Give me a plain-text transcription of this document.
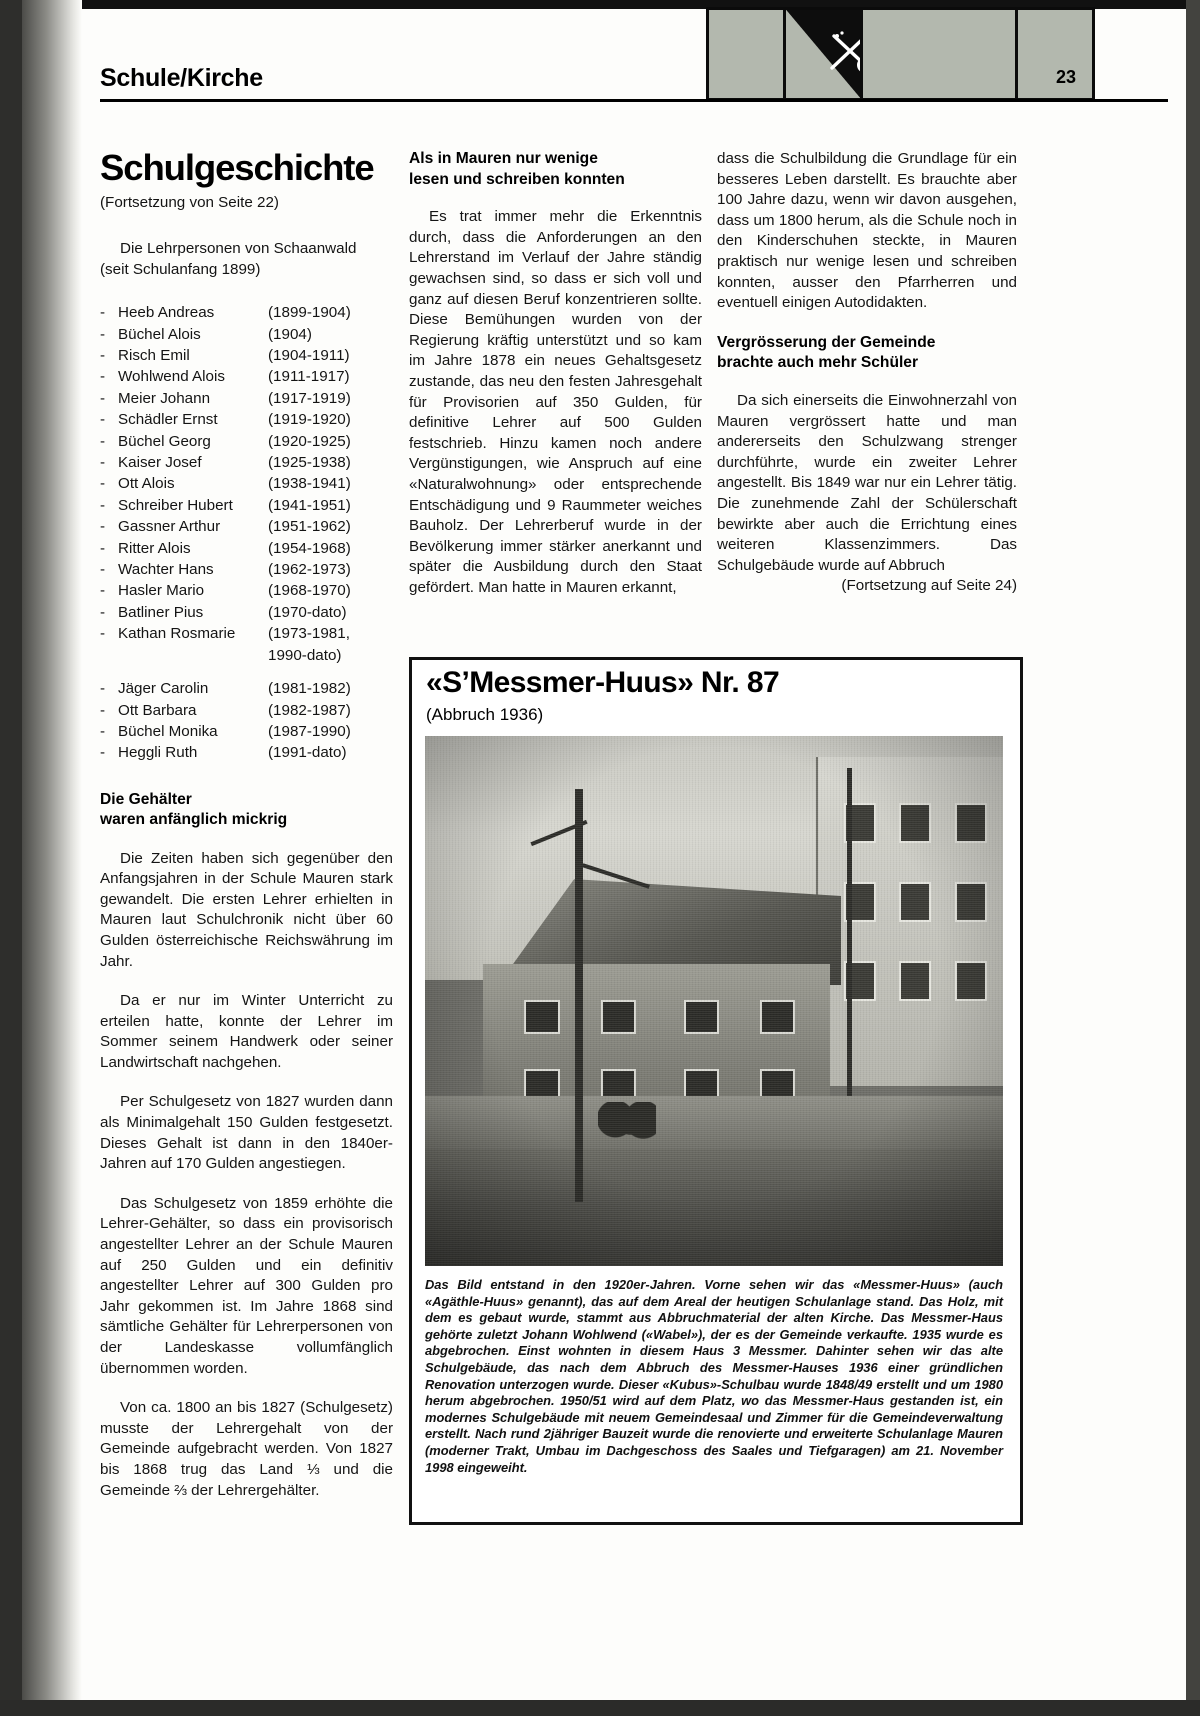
Schule/Kirche	23
Schulgeschichte
(Fortsetzung von Seite 22)
Die Lehrpersonen von Schaanwald
(seit Schulanfang 1899)
- Heeb Andreas	(1899-1904)
- Büchel Alois	(1904)
- Risch Emil	(1904-1911)
- Wohlwend Alois	(1911-1917)
- Meier Johann	(1917-1919)
- Schädler Ernst	(1919-1920)
- Büchel Georg	(1920-1925)
- Kaiser Josef	(1925-1938)
- Ott Alois	(1938-1941)
- Schreiber Hubert	(1941-1951)
- Gassner Arthur	(1951-1962)
- Ritter Alois	(1954-1968)
- Wachter Hans	(1962-1973)
- Hasler Mario	(1968-1970)
- Batliner Pius	(1970-dato)
- Kathan Rosmarie	(1973-1981,
1990-dato)
- Jäger Carolin	(1981-1982)
- Ott Barbara	(1982-1987)
- Büchel Monika	(1987-1990)
- Heggli Ruth	(1991-dato)
Die Gehälter
waren anfänglich mickrig

Die Zeiten haben sich gegenüber den Anfangsjahren in der Schule Mauren stark gewandelt. Die ersten Lehrer erhielten in Mauren laut Schulchronik nicht über 60 Gulden österreichische Reichswährung im Jahr.

Da er nur im Winter Unterricht zu erteilen hatte, konnte der Lehrer im Sommer seinem Handwerk oder seiner Landwirtschaft nachgehen.

Per Schulgesetz von 1827 wurden dann als Minimalgehalt 150 Gulden festgesetzt. Dieses Gehalt ist dann in den 1840er-Jahren auf 170 Gulden angestiegen.

Das Schulgesetz von 1859 erhöhte die Lehrer-Gehälter, so dass ein provisorisch angestellter Lehrer an der Schule Mauren auf 250 Gulden und ein definitiv angestellter Lehrer auf 300 Gulden pro Jahr gekommen ist. Im Jahre 1868 sind sämtliche Gehälter für Lehrerpersonen von der Landeskasse vollumfänglich übernommen worden.

Von ca. 1800 an bis 1827 (Schulgesetz) musste der Lehrergehalt von der Gemeinde aufgebracht werden. Von 1827 bis 1868 trug das Land ⅓ und die Gemeinde ⅔ der Lehrergehälter.

Als in Mauren nur wenige
lesen und schreiben konnten

Es trat immer mehr die Erkenntnis durch, dass die Anforderungen an den Lehrerstand im Verlauf der Jahre ständig gewachsen sind, so dass er sich voll und ganz auf diesen Beruf konzentrieren sollte. Diese Bemühungen wurden von der Regierung kräftig unterstützt und so kam im Jahre 1878 ein neues Gehaltsgesetz zustande, das neu den festen Jahresgehalt für Provisorien auf 350 Gulden, für definitive Lehrer auf 500 Gulden festschrieb. Hinzu kamen noch andere Vergünstigungen, wie Anspruch auf eine «Naturalwohnung» oder entsprechende Entschädigung und 9 Raummeter weiches Bauholz. Der Lehrerberuf wurde in der Bevölkerung immer stärker anerkannt und später die Ausbildung durch den Staat gefördert. Man hatte in Mauren erkannt,

dass die Schulbildung die Grundlage für ein besseres Leben darstellt. Es brauchte aber 100 Jahre dazu, wenn wir davon ausgehen, dass um 1800 herum, als die Schule noch in den Kinderschuhen steckte, in Mauren praktisch nur wenige lesen und schreiben konnten, ausser den Pfarrherren und eventuell einigen Autodidakten.

Vergrösserung der Gemeinde
brachte auch mehr Schüler

Da sich einerseits die Einwohnerzahl von Mauren vergrössert hatte und man andererseits den Schulzwang strenger durchführte, wurde ein zweiter Lehrer angestellt. Bis 1849 war nur ein Lehrer tätig. Die zunehmende Zahl der Schülerschaft bewirkte aber auch die Errichtung eines weiteren Klassenzimmers. Das Schulgebäude wurde auf Abbruch

(Fortsetzung auf Seite 24)

«S’Messmer-Huus» Nr. 87
(Abbruch 1936)
Das Bild entstand in den 1920er-Jahren. Vorne sehen wir das «Messmer-Huus» (auch «Agäthle-Huus» genannt), das auf dem Areal der heutigen Schulanlage stand. Das Holz, mit dem es gebaut wurde, stammt aus Abbruchmaterial der alten Kirche. Das Messmer-Haus gehörte zuletzt Johann Wohlwend («Wabel»), der es der Gemeinde verkaufte. 1935 wurde es abgebrochen. Einst wohnten in diesem Haus 3 Messmer. Dahinter sehen wir das alte Schulgebäude, das nach dem Abbruch des Messmer-Hauses 1936 einer gründlichen Renovation unterzogen wurde. Dieser «Kubus»-Schulbau wurde 1848/49 erstellt und um 1980 herum abgebrochen. 1950/51 wird auf dem Platz, wo das Messmer-Haus gestanden ist, ein modernes Schulgebäude mit neuem Gemeindesaal und Zimmer für die Gemeindeverwaltung erstellt. Nach rund 2jähriger Bauzeit wurde die renovierte und erweiterte Schulanlage Mauren (moderner Trakt, Umbau im Dachgeschoss des Saales und Tiefgaragen) am 21. November 1998 eingeweiht.
